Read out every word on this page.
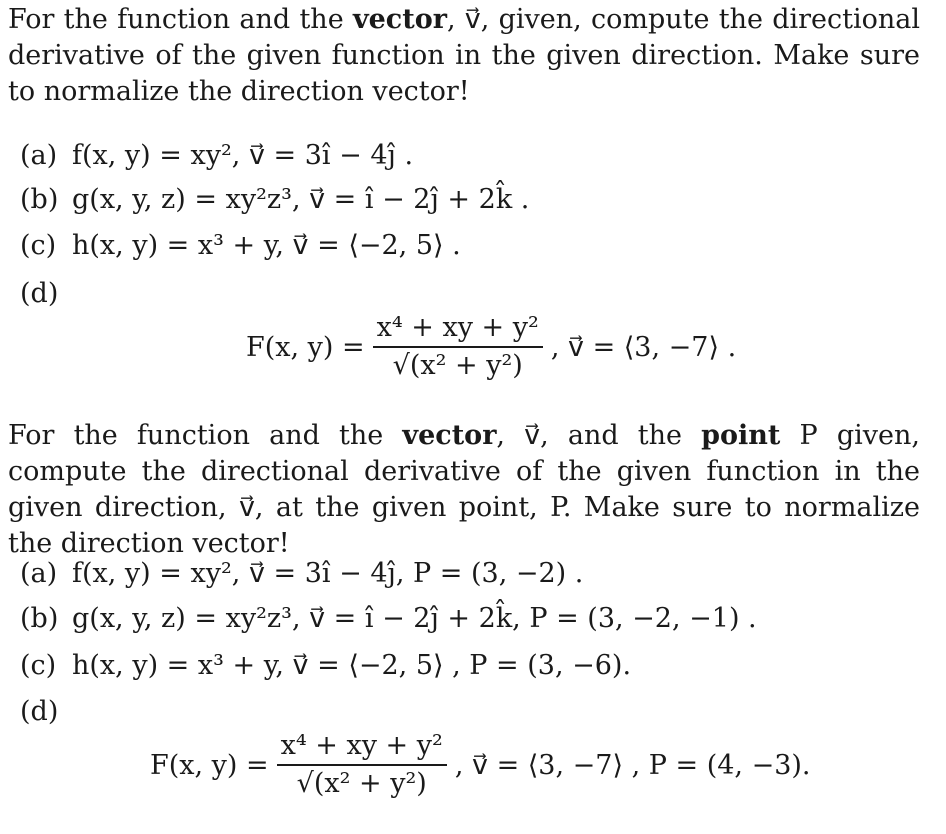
For the function and the vector, v⃗, given, compute the directional derivative of the given function in the given direction. Make sure to normalize the direction vector!
(a) f(x, y) = xy², v⃗ = 3î − 4ĵ .
(b) g(x, y, z) = xy²z³, v⃗ = î − 2ĵ + 2k̂ .
(c) h(x, y) = x³ + y, v⃗ = ⟨−2, 5⟩ .
(d)
F(x, $y) = \frac{\text{x⁴ + xy + y²}}{\text{√(x² + y²)}}$ , v⃗ = ⟨3, −7⟩ .
For the function and the vector, v⃗, and the point P given, compute the directional derivative of the given function in the given direction, v⃗, at the given point, P. Make sure to normalize the direction vector!
(a) f(x, y) = xy², v⃗ = 3î − 4ĵ, P = (3, −2) .
(b) g(x, y, z) = xy²z³, v⃗ = î − 2ĵ + 2k̂, P = (3, −2, −1) .
(c) h(x, y) = x³ + y, v⃗ = ⟨−2, 5⟩ , P = (3, −6).
(d)
F(x, $y) = \frac{\text{x⁴ + xy + y²}}{\text{√(x² + y²)}}$ , v⃗ = ⟨3, −7⟩ , P = (4, −3).
